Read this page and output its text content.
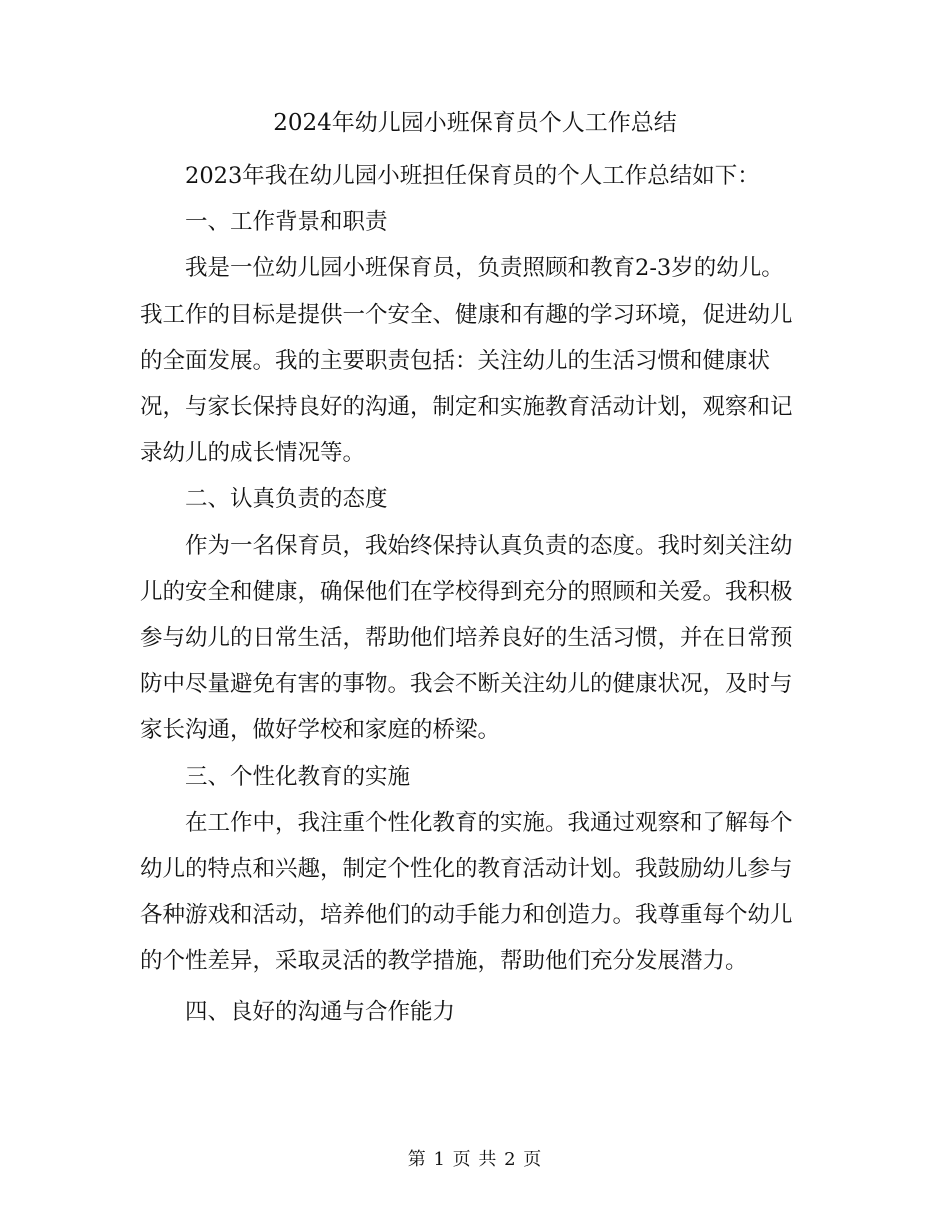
2024年幼儿园小班保育员个人工作总结

2023年我在幼儿园小班担任保育员的个人工作总结如下：

一、工作背景和职责

我是一位幼儿园小班保育员，负责照顾和教育2-3岁的幼儿。我工作的目标是提供一个安全、健康和有趣的学习环境，促进幼儿的全面发展。我的主要职责包括：关注幼儿的生活习惯和健康状况，与家长保持良好的沟通，制定和实施教育活动计划，观察和记录幼儿的成长情况等。

二、认真负责的态度

作为一名保育员，我始终保持认真负责的态度。我时刻关注幼儿的安全和健康，确保他们在学校得到充分的照顾和关爱。我积极参与幼儿的日常生活，帮助他们培养良好的生活习惯，并在日常预防中尽量避免有害的事物。我会不断关注幼儿的健康状况，及时与家长沟通，做好学校和家庭的桥梁。

三、个性化教育的实施

在工作中，我注重个性化教育的实施。我通过观察和了解每个幼儿的特点和兴趣，制定个性化的教育活动计划。我鼓励幼儿参与各种游戏和活动，培养他们的动手能力和创造力。我尊重每个幼儿的个性差异，采取灵活的教学措施，帮助他们充分发展潜力。

四、良好的沟通与合作能力

第 1 页 共 2 页
